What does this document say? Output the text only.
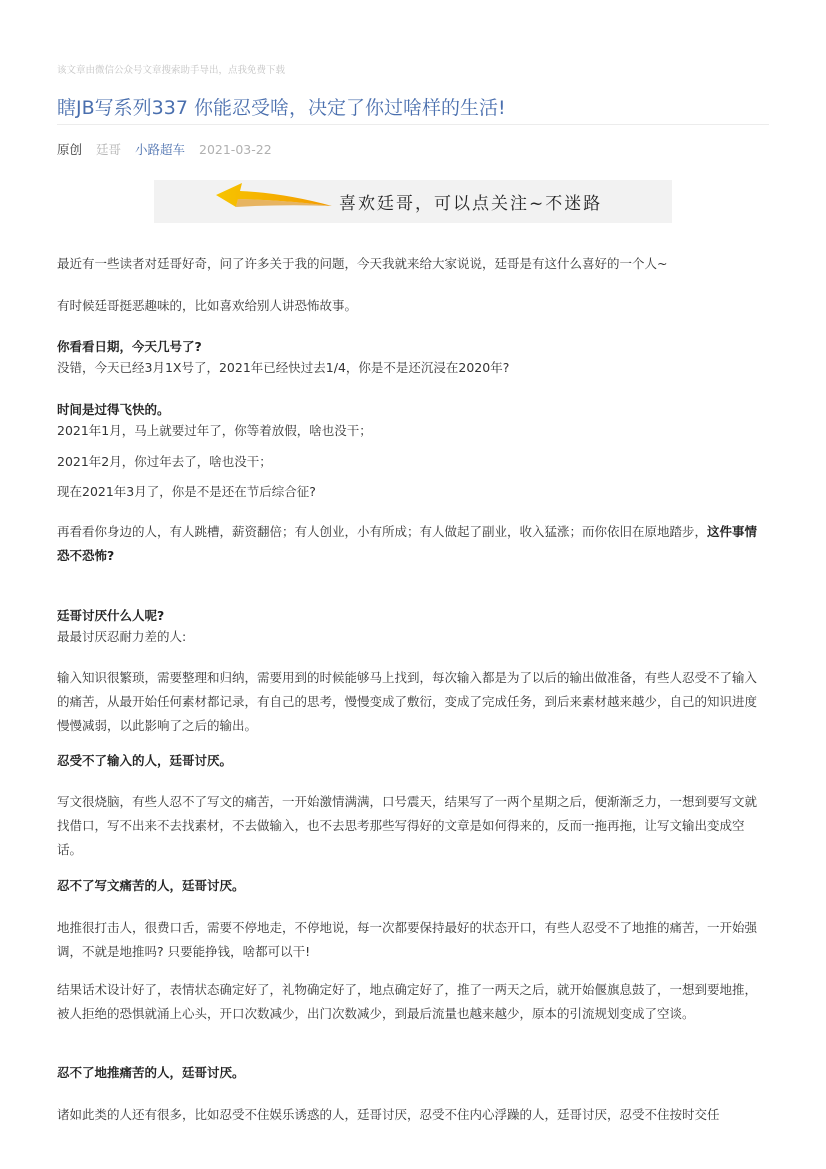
该文章由微信公众号文章搜索助手导出，点我免费下载
瞎JB写系列337 你能忍受啥，决定了你过啥样的生活!
原创 廷哥 小路超车 2021-03-22
喜欢廷哥，可以点关注~不迷路
最近有一些读者对廷哥好奇，问了许多关于我的问题，今天我就来给大家说说，廷哥是有这什么喜好的一个人~
有时候廷哥挺恶趣味的，比如喜欢给别人讲恐怖故事。
你看看日期，今天几号了?
没错，今天已经3月1X号了，2021年已经快过去1/4，你是不是还沉浸在2020年?
时间是过得飞快的。
2021年1月，马上就要过年了，你等着放假，啥也没干；
2021年2月，你过年去了，啥也没干；
现在2021年3月了，你是不是还在节后综合征?
再看看你身边的人，有人跳槽，薪资翻倍；有人创业，小有所成；有人做起了副业，收入猛涨；而你依旧在原地踏步，这件事情恐不恐怖?
廷哥讨厌什么人呢?
最最讨厌忍耐力差的人:
输入知识很繁琐，需要整理和归纳，需要用到的时候能够马上找到，每次输入都是为了以后的输出做准备，有些人忍受不了输入的痛苦，从最开始任何素材都记录，有自己的思考，慢慢变成了敷衍，变成了完成任务，到后来素材越来越少，自己的知识进度慢慢减弱，以此影响了之后的输出。
忍受不了输入的人，廷哥讨厌。
写文很烧脑，有些人忍不了写文的痛苦，一开始激情满满，口号震天，结果写了一两个星期之后，便渐渐乏力，一想到要写文就找借口，写不出来不去找素材，不去做输入，也不去思考那些写得好的文章是如何得来的，反而一拖再拖，让写文输出变成空话。
忍不了写文痛苦的人，廷哥讨厌。
地推很打击人，很费口舌，需要不停地走，不停地说，每一次都要保持最好的状态开口，有些人忍受不了地推的痛苦，一开始强调，不就是地推吗? 只要能挣钱，啥都可以干!
结果话术设计好了，表情状态确定好了，礼物确定好了，地点确定好了，推了一两天之后，就开始偃旗息鼓了，一想到要地推，被人拒绝的恐惧就涌上心头，开口次数减少，出门次数减少，到最后流量也越来越少，原本的引流规划变成了空谈。
忍不了地推痛苦的人，廷哥讨厌。
诸如此类的人还有很多，比如忍受不住娱乐诱惑的人，廷哥讨厌，忍受不住内心浮躁的人，廷哥讨厌，忍受不住按时交任
